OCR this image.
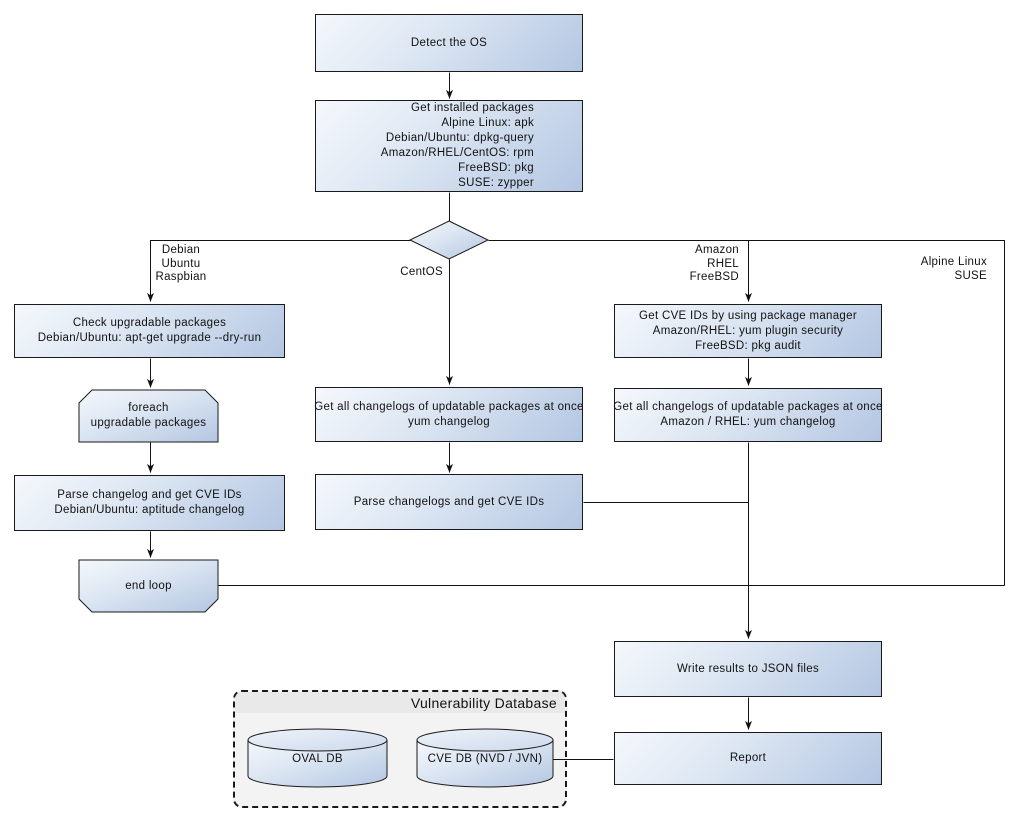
Vulnerability Database
Detect the OS
Get installed packages
Alpine Linux: apk
Debian/Ubuntu: dpkg-query
Amazon/RHEL/CentOS: rpm
FreeBSD: pkg
SUSE: zypper
Check upgradable packages
Debian/Ubuntu: apt-get upgrade --dry-run
foreach
upgradable packages
Parse changelog and get CVE IDs
Debian/Ubuntu: aptitude changelog
end loop
Get all changelogs of updatable packages at once
yum changelog
Parse changelogs and get CVE IDs
Get CVE IDs by using package manager
Amazon/RHEL: yum plugin security
FreeBSD: pkg audit
Get all changelogs of updatable packages at once
Amazon / RHEL: yum changelog
Write results to JSON files
Report
Debian
Ubuntu
Raspbian	CentOS
Amazon
RHEL
FreeBSD
Alpine Linux
SUSE
OVAL DB	CVE DB (NVD / JVN)
